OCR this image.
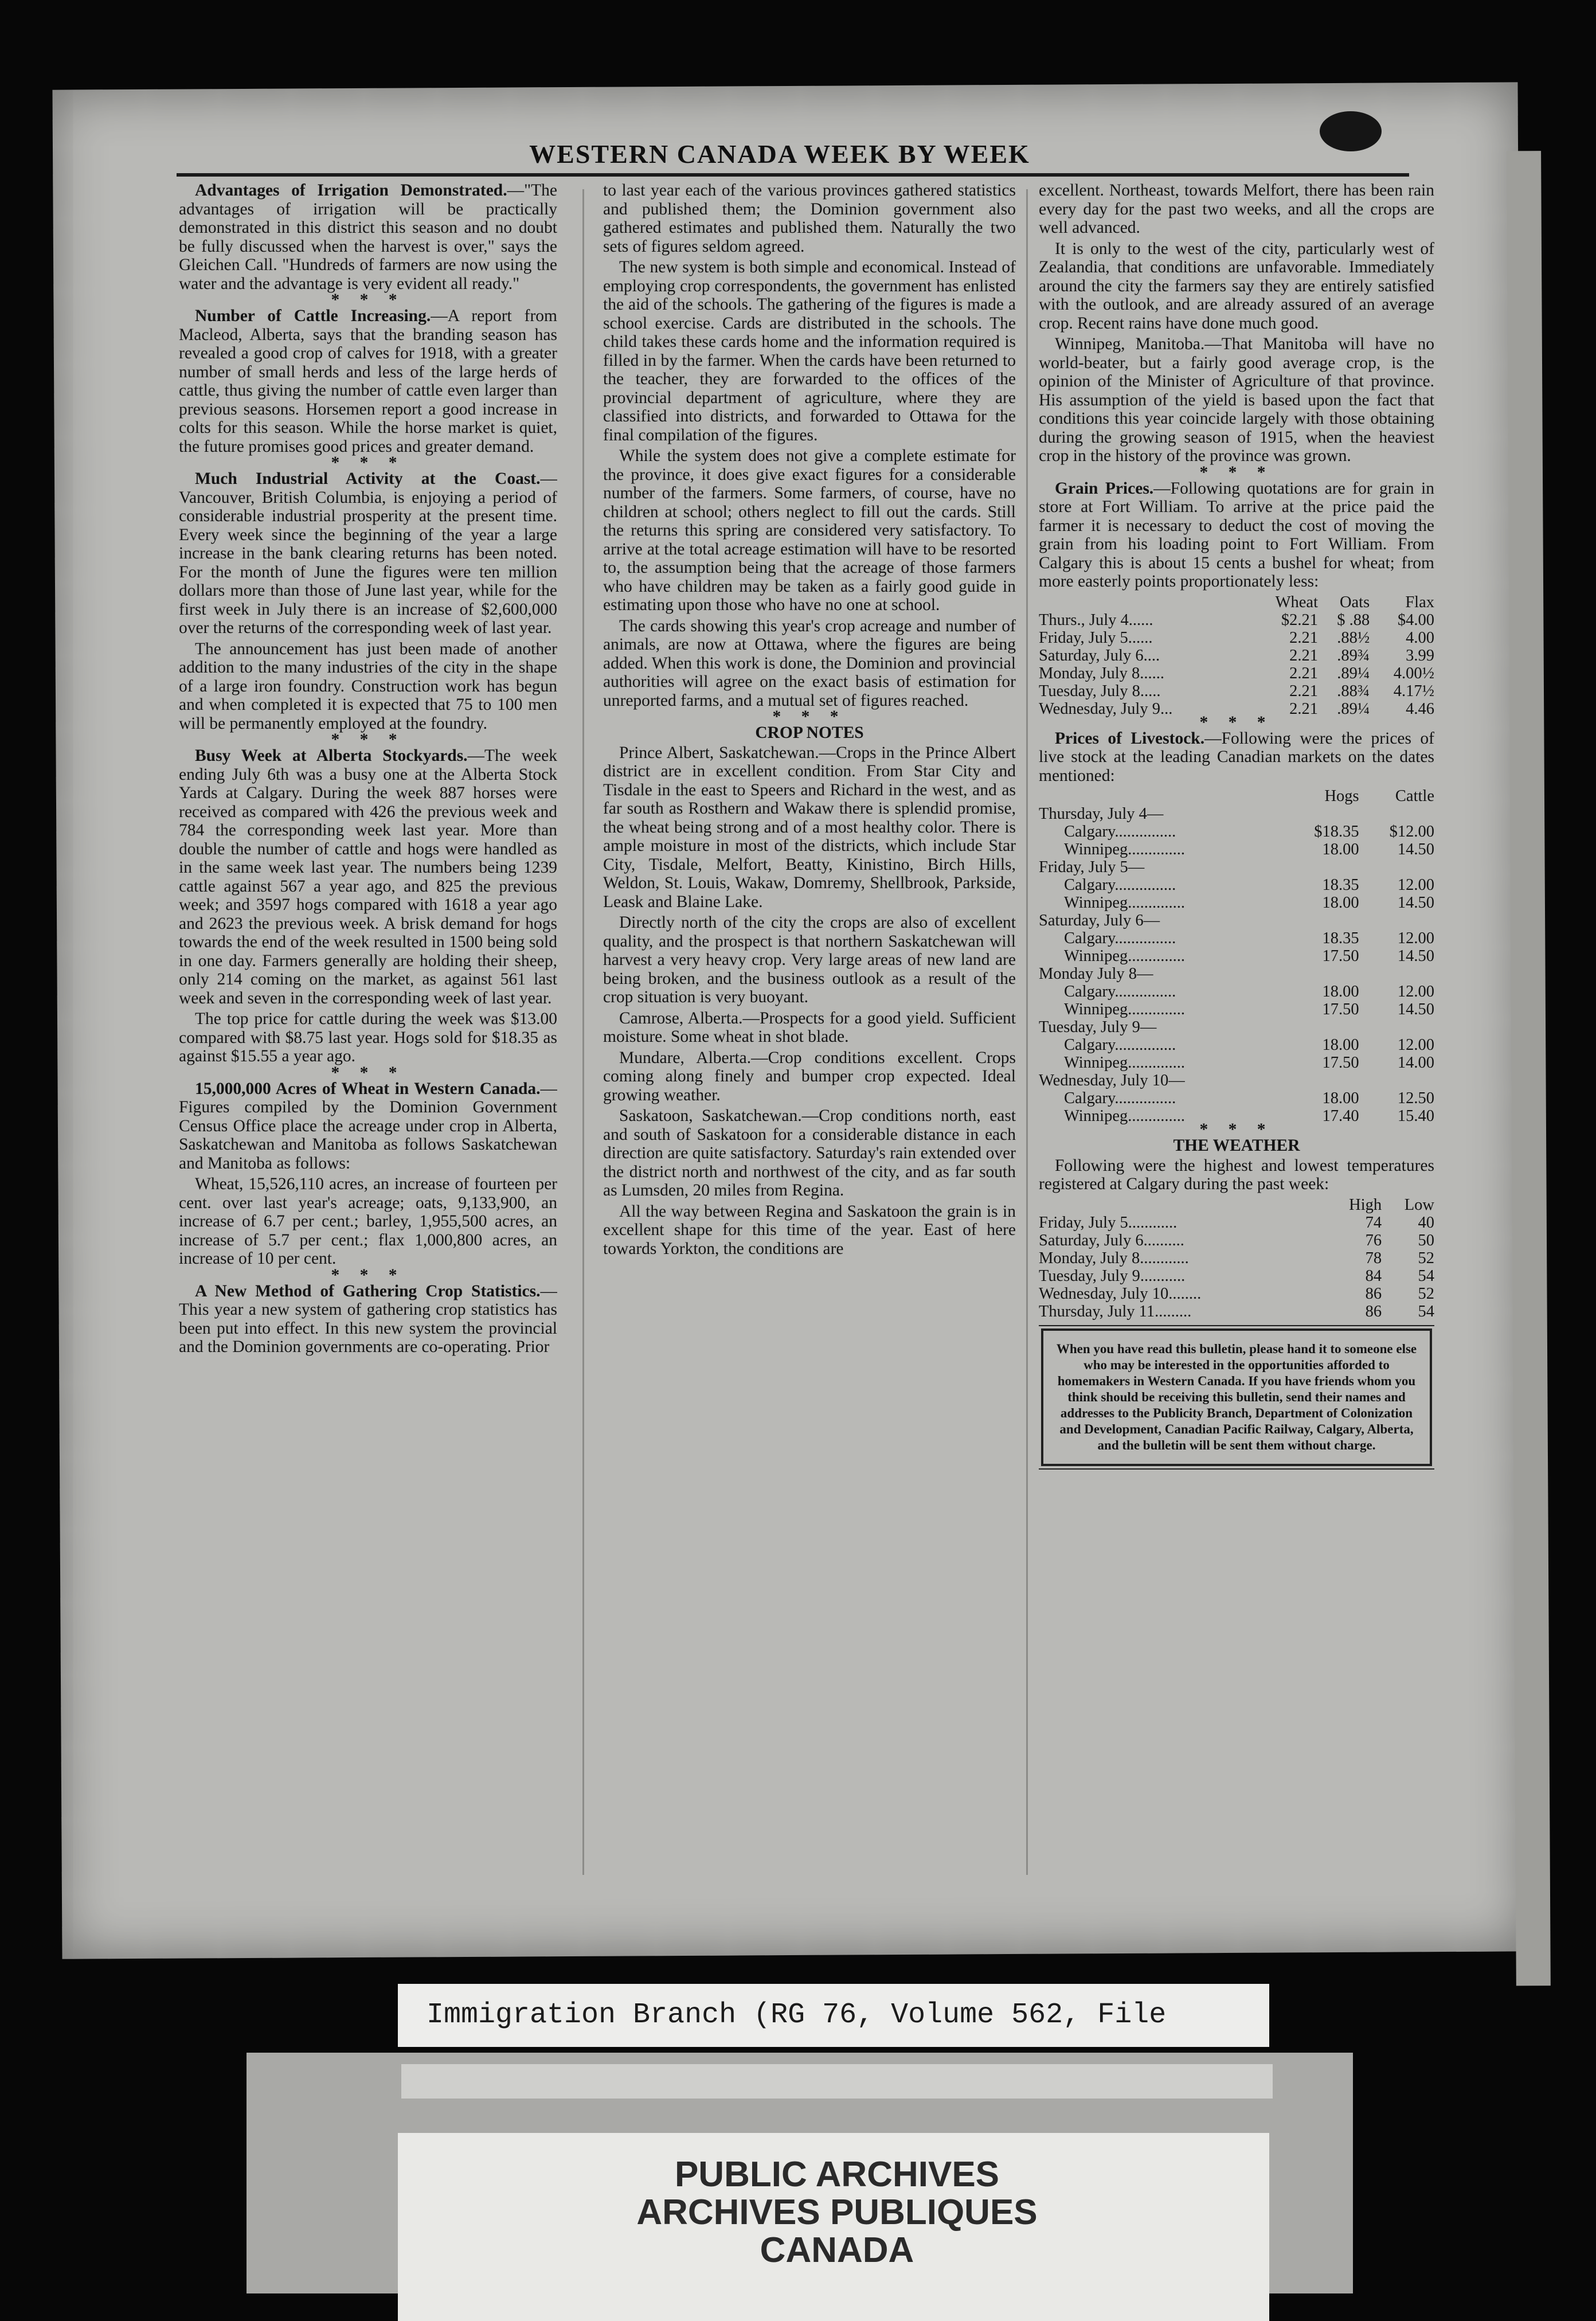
WESTERN CANADA WEEK BY WEEK

Advantages of Irrigation Demonstrated.—"The advantages of irrigation will be practically demonstrated in this district this season and no doubt be fully discussed when the harvest is over," says the Gleichen Call. "Hundreds of farmers are now using the water and the advantage is very evident all ready."

* * *

Number of Cattle Increasing.—A report from Macleod, Alberta, says that the branding season has revealed a good crop of calves for 1918, with a greater number of small herds and less of the large herds of cattle, thus giving the number of cattle even larger than previous seasons. Horsemen report a good increase in colts for this season. While the horse market is quiet, the future promises good prices and greater demand.

* * *

Much Industrial Activity at the Coast.—Vancouver, British Columbia, is enjoying a period of considerable industrial prosperity at the present time. Every week since the beginning of the year a large increase in the bank clearing returns has been noted. For the month of June the figures were ten million dollars more than those of June last year, while for the first week in July there is an increase of $2,600,000 over the returns of the corresponding week of last year.

The announcement has just been made of another addition to the many industries of the city in the shape of a large iron foundry. Construction work has begun and when completed it is expected that 75 to 100 men will be permanently employed at the foundry.

* * *

Busy Week at Alberta Stockyards.—The week ending July 6th was a busy one at the Alberta Stock Yards at Calgary. During the week 887 horses were received as compared with 426 the previous week and 784 the corresponding week last year. More than double the number of cattle and hogs were handled as in the same week last year. The numbers being 1239 cattle against 567 a year ago, and 825 the previous week; and 3597 hogs compared with 1618 a year ago and 2623 the previous week. A brisk demand for hogs towards the end of the week resulted in 1500 being sold in one day. Farmers generally are holding their sheep, only 214 coming on the market, as against 561 last week and seven in the corresponding week of last year.

The top price for cattle during the week was $13.00 compared with $8.75 last year. Hogs sold for $18.35 as against $15.55 a year ago.

* * *

15,000,000 Acres of Wheat in Western Canada.—Figures compiled by the Dominion Government Census Office place the acreage under crop in Alberta, Saskatchewan and Manitoba as follows Saskatchewan and Manitoba as follows:

Wheat, 15,526,110 acres, an increase of fourteen per cent. over last year's acreage; oats, 9,133,900, an increase of 6.7 per cent.; barley, 1,955,500 acres, an increase of 5.7 per cent.; flax 1,000,800 acres, an increase of 10 per cent.

* * *

A New Method of Gathering Crop Statistics.—This year a new system of gathering crop statistics has been put into effect. In this new system the provincial and the Dominion governments are co-operating. Prior

to last year each of the various provinces gathered statistics and published them; the Dominion government also gathered estimates and published them. Naturally the two sets of figures seldom agreed.

The new system is both simple and economical. Instead of employing crop correspondents, the government has enlisted the aid of the schools. The gathering of the figures is made a school exercise. Cards are distributed in the schools. The child takes these cards home and the information required is filled in by the farmer. When the cards have been returned to the teacher, they are forwarded to the offices of the provincial department of agriculture, where they are classified into districts, and forwarded to Ottawa for the final compilation of the figures.

While the system does not give a complete estimate for the province, it does give exact figures for a considerable number of the farmers. Some farmers, of course, have no children at school; others neglect to fill out the cards. Still the returns this spring are considered very satisfactory. To arrive at the total acreage estimation will have to be resorted to, the assumption being that the acreage of those farmers who have children may be taken as a fairly good guide in estimating upon those who have no one at school.

The cards showing this year's crop acreage and number of animals, are now at Ottawa, where the figures are being added. When this work is done, the Dominion and provincial authorities will agree on the exact basis of estimation for unreported farms, and a mutual set of figures reached.

* * *
CROP NOTES

Prince Albert, Saskatchewan.—Crops in the Prince Albert district are in excellent condition. From Star City and Tisdale in the east to Speers and Richard in the west, and as far south as Rosthern and Wakaw there is splendid promise, the wheat being strong and of a most healthy color. There is ample moisture in most of the districts, which include Star City, Tisdale, Melfort, Beatty, Kinistino, Birch Hills, Weldon, St. Louis, Wakaw, Domremy, Shellbrook, Parkside, Leask and Blaine Lake.

Directly north of the city the crops are also of excellent quality, and the prospect is that northern Saskatchewan will harvest a very heavy crop. Very large areas of new land are being broken, and the business outlook as a result of the crop situation is very buoyant.

Camrose, Alberta.—Prospects for a good yield. Sufficient moisture. Some wheat in shot blade.

Mundare, Alberta.—Crop conditions excellent. Crops coming along finely and bumper crop expected. Ideal growing weather.

Saskatoon, Saskatchewan.—Crop conditions north, east and south of Saskatoon for a considerable distance in each direction are quite satisfactory. Saturday's rain extended over the district north and northwest of the city, and as far south as Lumsden, 20 miles from Regina.

All the way between Regina and Saskatoon the grain is in excellent shape for this time of the year. East of here towards Yorkton, the conditions are

excellent. Northeast, towards Melfort, there has been rain every day for the past two weeks, and all the crops are well advanced.

It is only to the west of the city, particularly west of Zealandia, that conditions are unfavorable. Immediately around the city the farmers say they are entirely satisfied with the outlook, and are already assured of an average crop. Recent rains have done much good.

Winnipeg, Manitoba.—That Manitoba will have no world-beater, but a fairly good average crop, is the opinion of the Minister of Agriculture of that province. His assumption of the yield is based upon the fact that conditions this year coincide largely with those obtaining during the growing season of 1915, when the heaviest crop in the history of the province was grown.

* * *

Grain Prices.—Following quotations are for grain in store at Fort William. To arrive at the price paid the farmer it is necessary to deduct the cost of moving the grain from his loading point to Fort William. From Calgary this is about 15 cents a bushel for wheat; from more easterly points proportionately less:

	Wheat	Oats	Flax
Thurs., July 4......	$2.21	$ .88	$4.00
Friday, July 5......	2.21	.88½	4.00
Saturday, July 6....	2.21	.89¾	3.99
Monday, July 8......	2.21	.89¼	4.00½
Tuesday, July 8.....	2.21	.88¾	4.17½
Wednesday, July 9...	2.21	.89¼	4.46
* * *

Prices of Livestock.—Following were the prices of live stock at the leading Canadian markets on the dates mentioned:

	Hogs	Cattle
Thursday, July 4—		
Calgary...............	$18.35	$12.00
Winnipeg..............	18.00	14.50
Friday, July 5—		
Calgary...............	18.35	12.00
Winnipeg..............	18.00	14.50
Saturday, July 6—		
Calgary...............	18.35	12.00
Winnipeg..............	17.50	14.50
Monday July 8—		
Calgary...............	18.00	12.00
Winnipeg..............	17.50	14.50
Tuesday, July 9—		
Calgary...............	18.00	12.00
Winnipeg..............	17.50	14.00
Wednesday, July 10—		
Calgary...............	18.00	12.50
Winnipeg..............	17.40	15.40
* * *
THE WEATHER

Following were the highest and lowest temperatures registered at Calgary during the past week:

	High	Low
Friday, July 5............	74	40
Saturday, July 6..........	76	50
Monday, July 8............	78	52
Tuesday, July 9...........	84	54
Wednesday, July 10........	86	52
Thursday, July 11.........	86	54
When you have read this bulletin, please hand it to someone else who may be interested in the opportunities afforded to homemakers in Western Canada. If you have friends whom you think should be receiving this bulletin, send their names and addresses to the Publicity Branch, Department of Colonization and Development, Canadian Pacific Railway, Calgary, Alberta, and the bulletin will be sent them without charge.
Immigration Branch (RG 76, Volume 562, File
PUBLIC ARCHIVES
ARCHIVES PUBLIQUES
CANADA
